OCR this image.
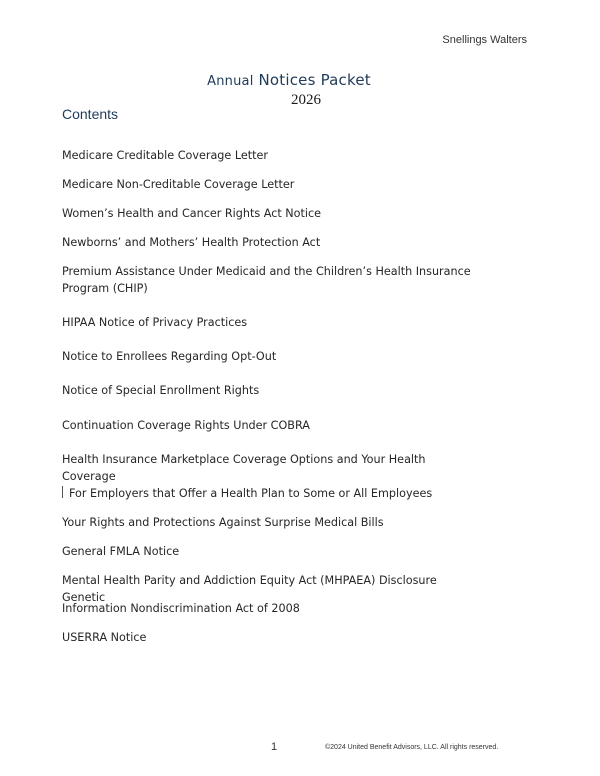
Snellings Walters
Annual Notices Packet
2026
Contents
Medicare Creditable Coverage Letter
Medicare Non-Creditable Coverage Letter
Women’s Health and Cancer Rights Act Notice
Newborns’ and Mothers’ Health Protection Act
Premium Assistance Under Medicaid and the Children’s Health Insurance Program (CHIP)
HIPAA Notice of Privacy Practices
Notice to Enrollees Regarding Opt-Out
Notice of Special Enrollment Rights
Continuation Coverage Rights Under COBRA
Health Insurance Marketplace Coverage Options and Your Health Coverage
For Employers that Offer a Health Plan to Some or All Employees
Your Rights and Protections Against Surprise Medical Bills
General FMLA Notice
Mental Health Parity and Addiction Equity Act (MHPAEA) Disclosure Genetic
Information Nondiscrimination Act of 2008
USERRA Notice
1	©2024 United Benefit Advisors, LLC. All rights reserved.
